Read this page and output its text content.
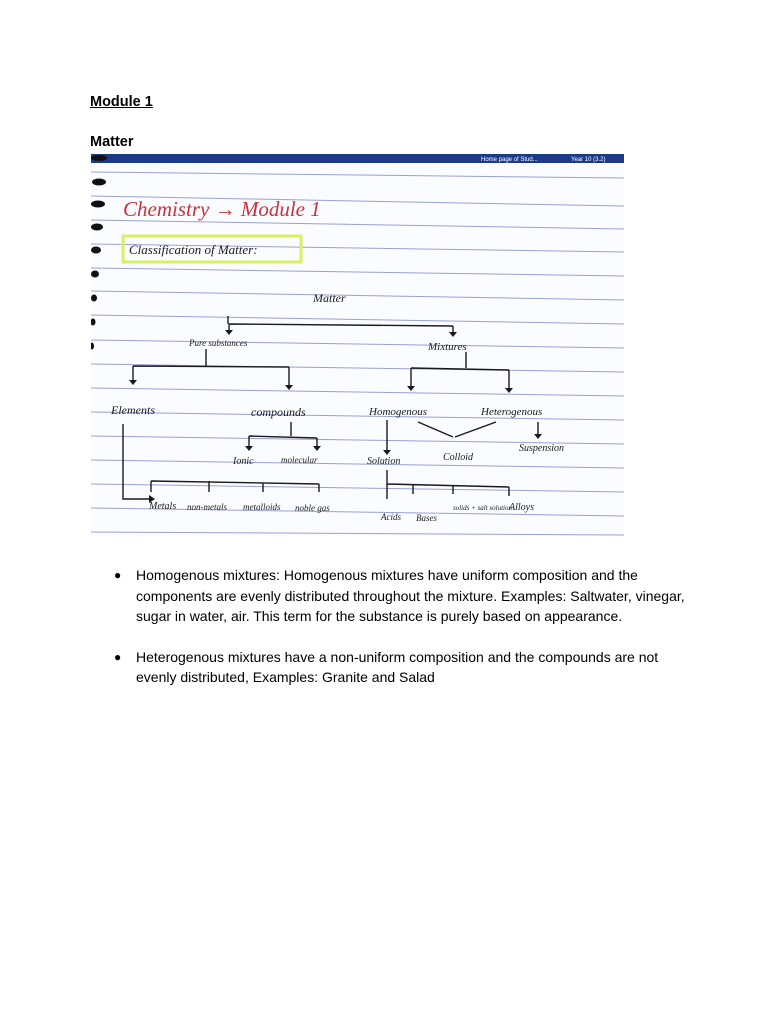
Module 1
Matter
Home page of Stud...	Year 10 (3.2)
Chemistry → Module 1
Classification of Matter:
Matter
Pure substances	Mixtures
Elements	compounds	Homogenous	Heterogenous
Ionic	molecular	Solution	Colloid
Suspension
Metals non-metals metalloids noble gas
Acids Bases
solids + salt solution
Alloys
● Homogenous mixtures: Homogenous mixtures have uniform composition and the components are evenly distributed throughout the mixture. Examples: Saltwater, vinegar, sugar in water, air. This term for the substance is purely based on appearance.
● Heterogenous mixtures have a non-uniform composition and the compounds are not evenly distributed, Examples: Granite and Salad
